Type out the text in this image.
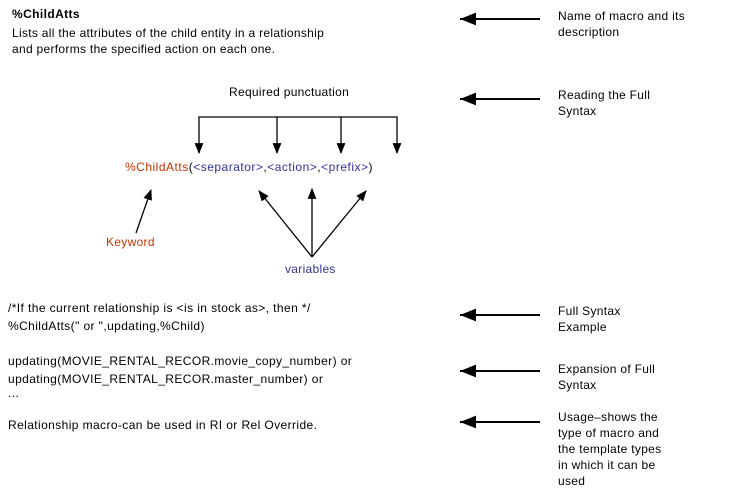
%ChildAtts
Lists all the attributes of the child entity in a relationship
and performs the specified action on each one.
Required punctuation
%ChildAtts(<separator>,<action>,<prefix>)
Keyword
variables
/*If the current relationship is <is in stock as>, then */
%ChildAtts(" or ",updating,%Child)
updating(MOVIE_RENTAL_RECOR.movie_copy_number) or
updating(MOVIE_RENTAL_RECOR.master_number) or
...
Relationship macro-can be used in RI or Rel Override.
Name of macro and its
description
Reading the Full
Syntax
Full Syntax
Example
Expansion of Full
Syntax
Usage–shows the
type of macro and
the template types
in which it can be
used
